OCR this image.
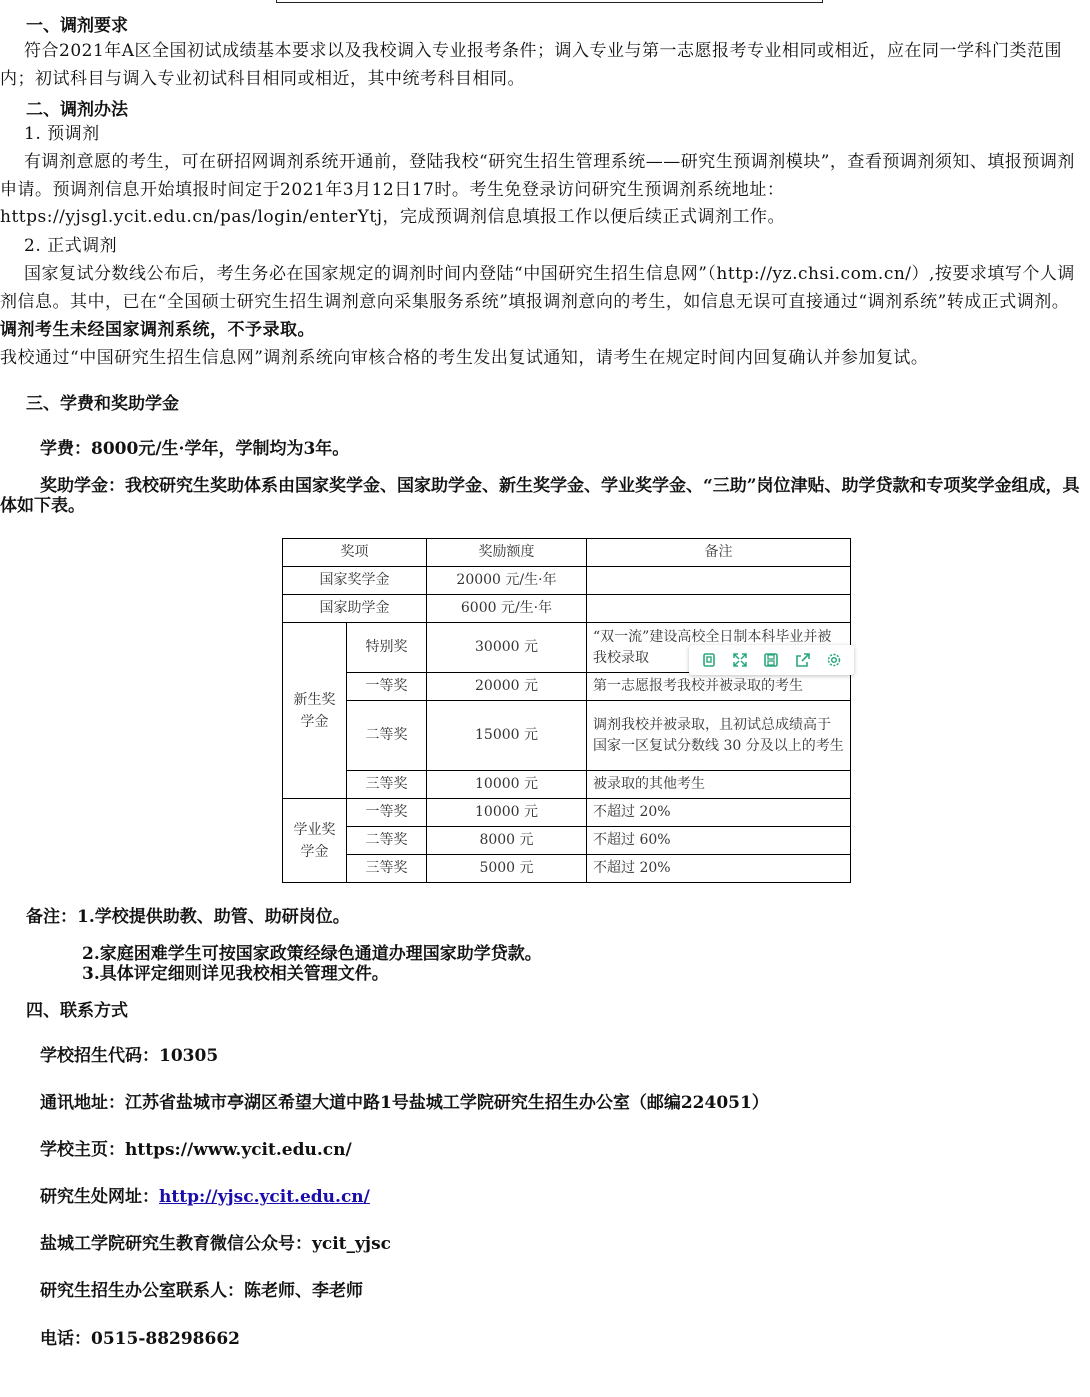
一、调剂要求
符合2021年A区全国初试成绩基本要求以及我校调入专业报考条件；调入专业与第一志愿报考专业相同或相近，应在同一学科门类范围内；初试科目与调入专业初试科目相同或相近，其中统考科目相同。
二、调剂办法
1. 预调剂
有调剂意愿的考生，可在研招网调剂系统开通前，登陆我校“研究生招生管理系统——研究生预调剂模块”，查看预调剂须知、填报预调剂申请。预调剂信息开始填报时间定于2021年3月12日17时。考生免登录访问研究生预调剂系统地址：
https://yjsgl.ycit.edu.cn/pas/login/enterYtj，完成预调剂信息填报工作以便后续正式调剂工作。
2. 正式调剂
国家复试分数线公布后，考生务必在国家规定的调剂时间内登陆“中国研究生招生信息网”（http://yz.chsi.com.cn/）,按要求填写个人调剂信息。其中，已在“全国硕士研究生招生调剂意向采集服务系统”填报调剂意向的考生，如信息无误可直接通过“调剂系统”转成正式调剂。调剂考生未经国家调剂系统，不予录取。
我校通过“中国研究生招生信息网”调剂系统向审核合格的考生发出复试通知，请考生在规定时间内回复确认并参加复试。
三、学费和奖助学金
学费：8000元/生·学年，学制均为3年。
奖助学金：我校研究生奖助体系由国家奖学金、国家助学金、新生奖学金、学业奖学金、“三助”岗位津贴、助学贷款和专项奖学金组成，具体如下表。
奖项		奖励额度	备注
国家奖学金		20000 元/生·年	
国家助学金		6000 元/生·年	
新生奖学金	特别奖	30000 元	“双一流”建设高校全日制本科毕业并被我校录取
	一等奖	20000 元	第一志愿报考我校并被录取的考生
	二等奖	15000 元	调剂我校并被录取，且初试总成绩高于国家一区复试分数线 30 分及以上的考生
	三等奖	10000 元	被录取的其他考生
学业奖学金	一等奖	10000 元	不超过 20%
	二等奖	8000 元	不超过 60%
	三等奖	5000 元	不超过 20%
备注：1.学校提供助教、助管、助研岗位。
2.家庭困难学生可按国家政策经绿色通道办理国家助学贷款。
3.具体评定细则详见我校相关管理文件。
四、联系方式
学校招生代码：10305
通讯地址：江苏省盐城市亭湖区希望大道中路1号盐城工学院研究生招生办公室（邮编224051）
学校主页：https://www.ycit.edu.cn/
研究生处网址：http://yjsc.ycit.edu.cn/
盐城工学院研究生教育微信公众号：ycit_yjsc
研究生招生办公室联系人：陈老师、李老师
电话：0515-88298662
